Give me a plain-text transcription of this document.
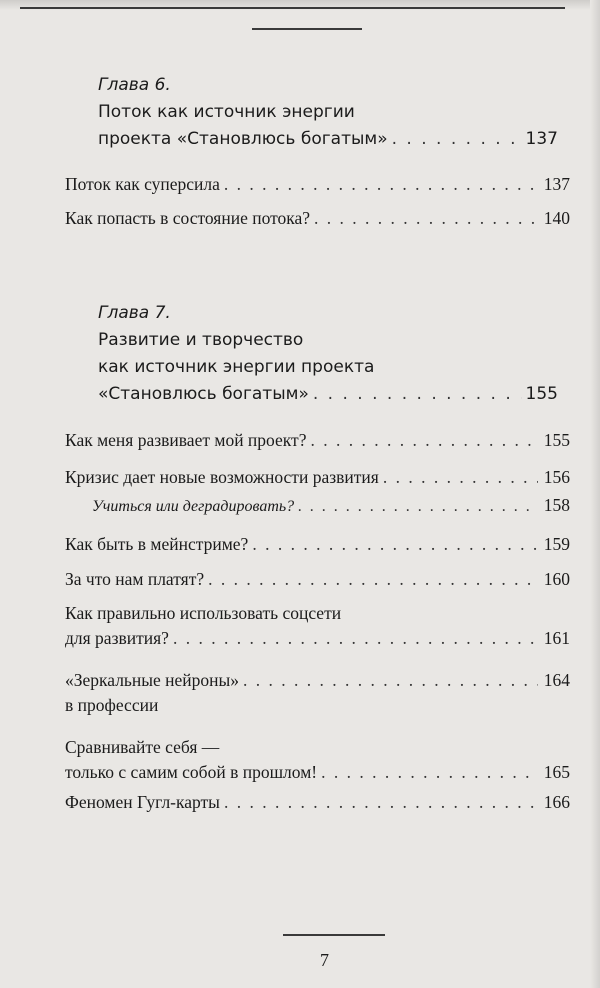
Глава 6.
Поток как источник энергии
проекта «Становлюсь богатым» . . .	137
Поток как суперсила . . .	137
Как попасть в состояние потока? . . .	140
Глава 7.
Развитие и творчество
как источник энергии проекта
«Становлюсь богатым» . . .	155
Как меня развивает мой проект? . . .	155
Кризис дает новые возможности развития . . .	156
Учиться или деградировать? . . .	158
Как быть в мейнстриме? . . .	159
За что нам платят? . . .	160
Как правильно использовать соцсети
для развития? . . .	161
«Зеркальные нейроны» . . .	164
в профессии
Сравнивайте себя —
только с самим собой в прошлом! . . .	165
Феномен Гугл-карты . . .	166
7
